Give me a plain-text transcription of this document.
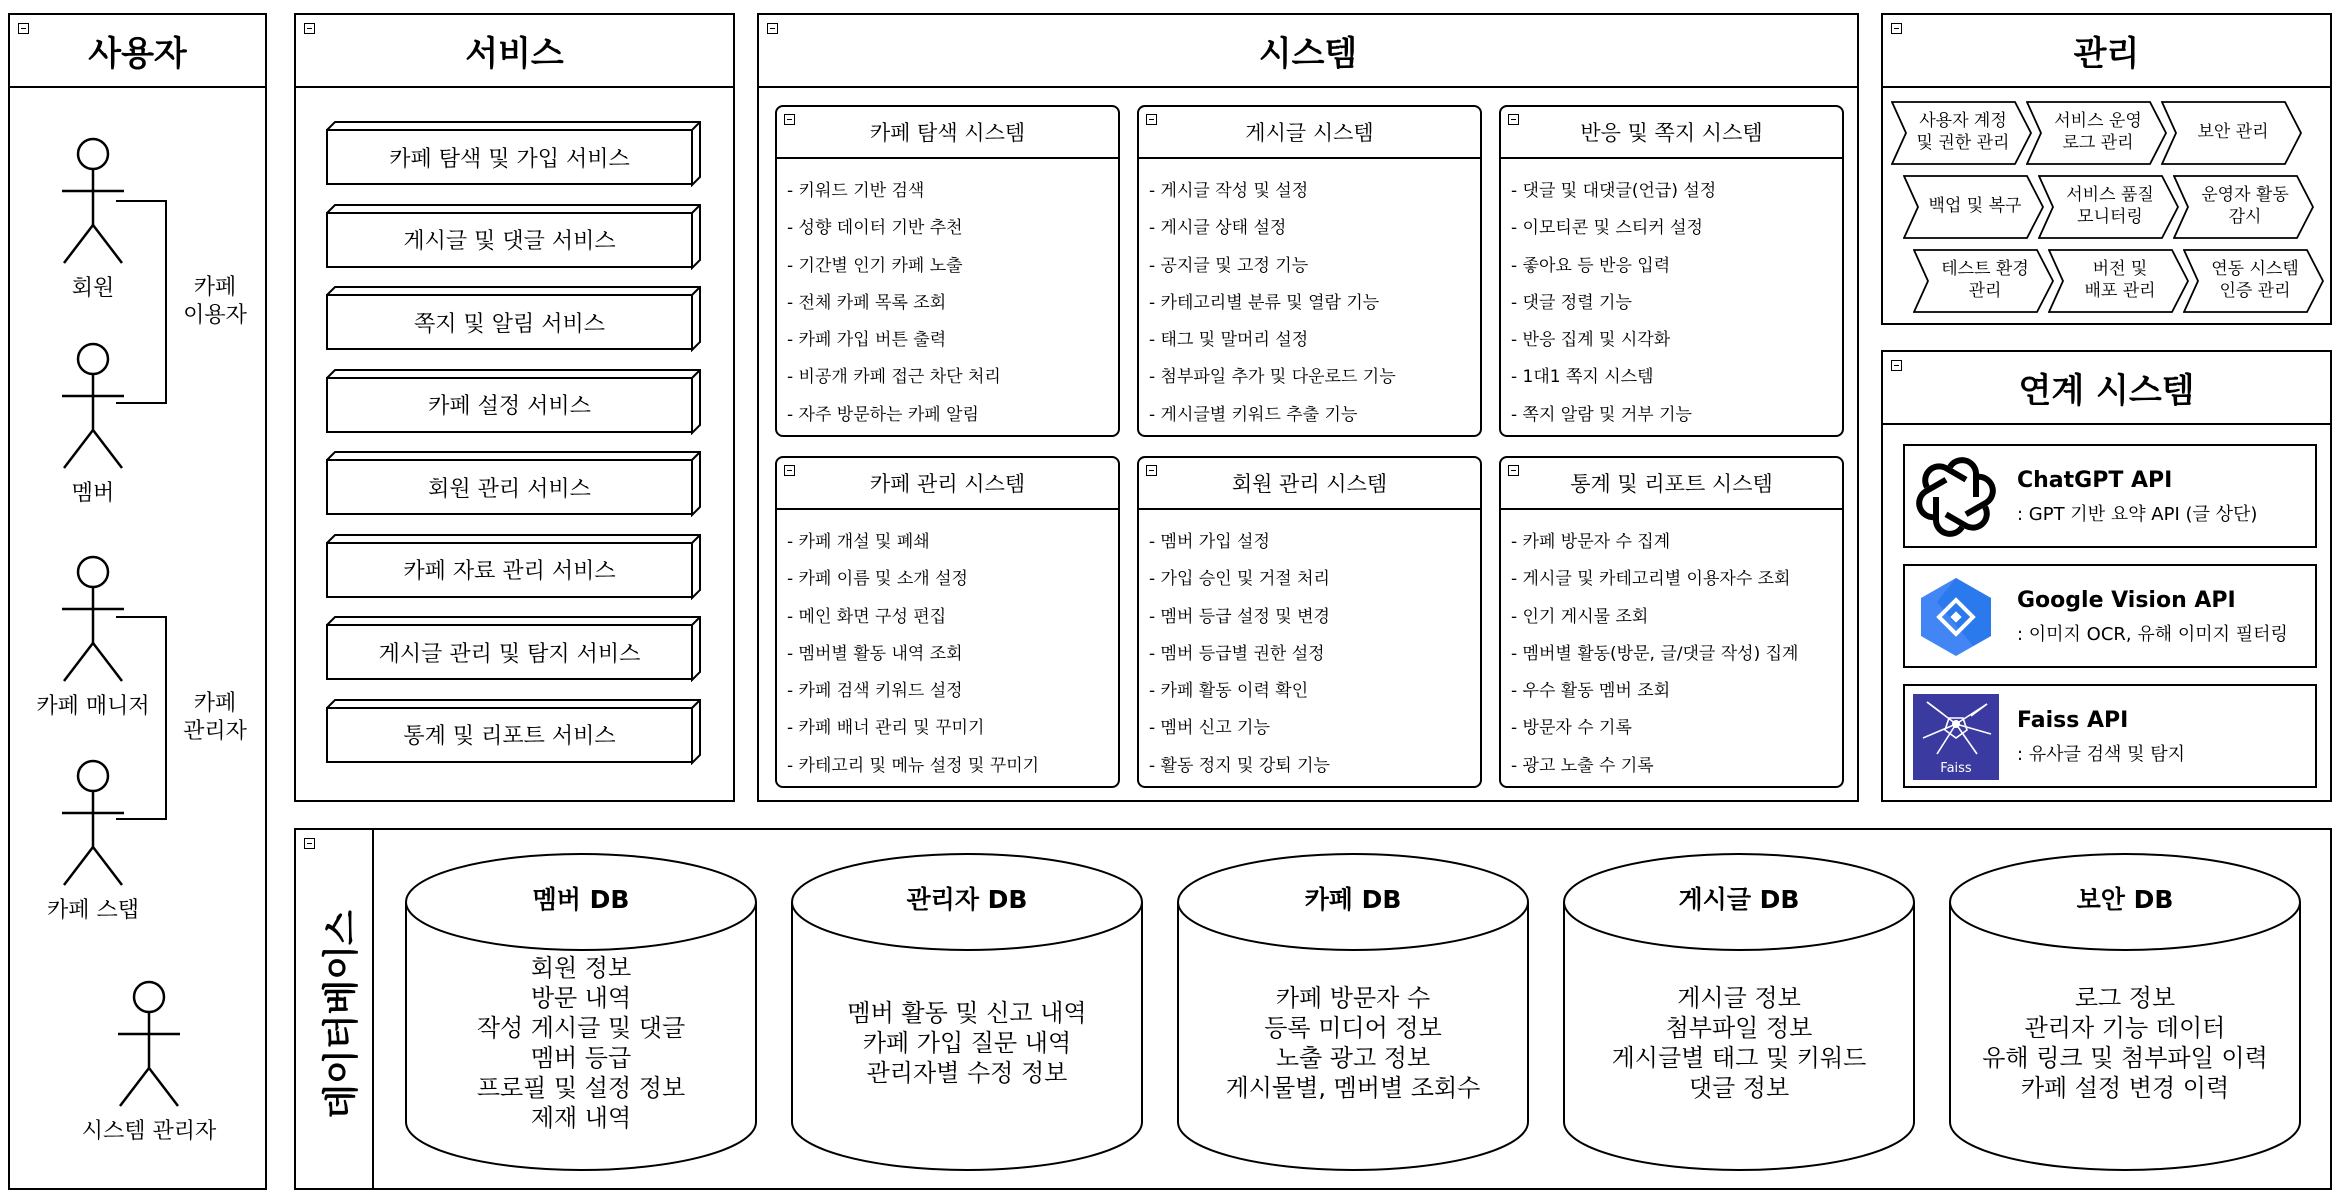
사용자
회원
멤버
카페 매니저
카페 스탭
시스템 관리자
카페
이용자
카페
관리자
서비스
카페 탐색 및 가입 서비스
게시글 및 댓글 서비스
쪽지 및 알림 서비스
카페 설정 서비스
회원 관리 서비스
카페 자료 관리 서비스
게시글 관리 및 탐지 서비스
통계 및 리포트 서비스
시스템
카페 탐색 시스템
- 키워드 기반 검색
- 성향 데이터 기반 추천
- 기간별 인기 카페 노출
- 전체 카페 목록 조회
- 카페 가입 버튼 출력
- 비공개 카페 접근 차단 처리
- 자주 방문하는 카페 알림
게시글 시스템
- 게시글 작성 및 설정
- 게시글 상태 설정
- 공지글 및 고정 기능
- 카테고리별 분류 및 열람 기능
- 태그 및 말머리 설정
- 첨부파일 추가 및 다운로드 기능
- 게시글별 키워드 추출 기능
반응 및 쪽지 시스템
- 댓글 및 대댓글(언급) 설정
- 이모티콘 및 스티커 설정
- 좋아요 등 반응 입력
- 댓글 정렬 기능
- 반응 집계 및 시각화
- 1대1 쪽지 시스템
- 쪽지 알람 및 거부 기능
카페 관리 시스템
- 카페 개설 및 폐쇄
- 카페 이름 및 소개 설정
- 메인 화면 구성 편집
- 멤버별 활동 내역 조회
- 카페 검색 키워드 설정
- 카페 배너 관리 및 꾸미기
- 카테고리 및 메뉴 설정 및 꾸미기
회원 관리 시스템
- 멤버 가입 설정
- 가입 승인 및 거절 처리
- 멤버 등급 설정 및 변경
- 멤버 등급별 권한 설정
- 카페 활동 이력 확인
- 멤버 신고 기능
- 활동 정지 및 강퇴 기능
통계 및 리포트 시스템
- 카페 방문자 수 집계
- 게시글 및 카테고리별 이용자수 조회
- 인기 게시물 조회
- 멤버별 활동(방문, 글/댓글 작성) 집계
- 우수 활동 멤버 조회
- 방문자 수 기록
- 광고 노출 수 기록
관리
사용자 계정
및 권한 관리
서비스 운영
로그 관리
보안 관리
백업 및 복구
서비스 품질
모니터링
운영자 활동
감시
테스트 환경
관리
버전 및
배포 관리
연동 시스템
인증 관리
연계 시스템
ChatGPT API
: GPT 기반 요약 API (글 상단)
Google Vision API
: 이미지 OCR, 유해 이미지 필터링
Faiss
Faiss API
: 유사글 검색 및 탐지
데이터베이스
멤버 DB
회원 정보
방문 내역
작성 게시글 및 댓글
멤버 등급
프로필 및 설정 정보
제재 내역
관리자 DB
멤버 활동 및 신고 내역
카페 가입 질문 내역
관리자별 수정 정보
카페 DB
카페 방문자 수
등록 미디어 정보
노출 광고 정보
게시물별, 멤버별 조회수
게시글 DB
게시글 정보
첨부파일 정보
게시글별 태그 및 키워드
댓글 정보
보안 DB
로그 정보
관리자 기능 데이터
유해 링크 및 첨부파일 이력
카페 설정 변경 이력
